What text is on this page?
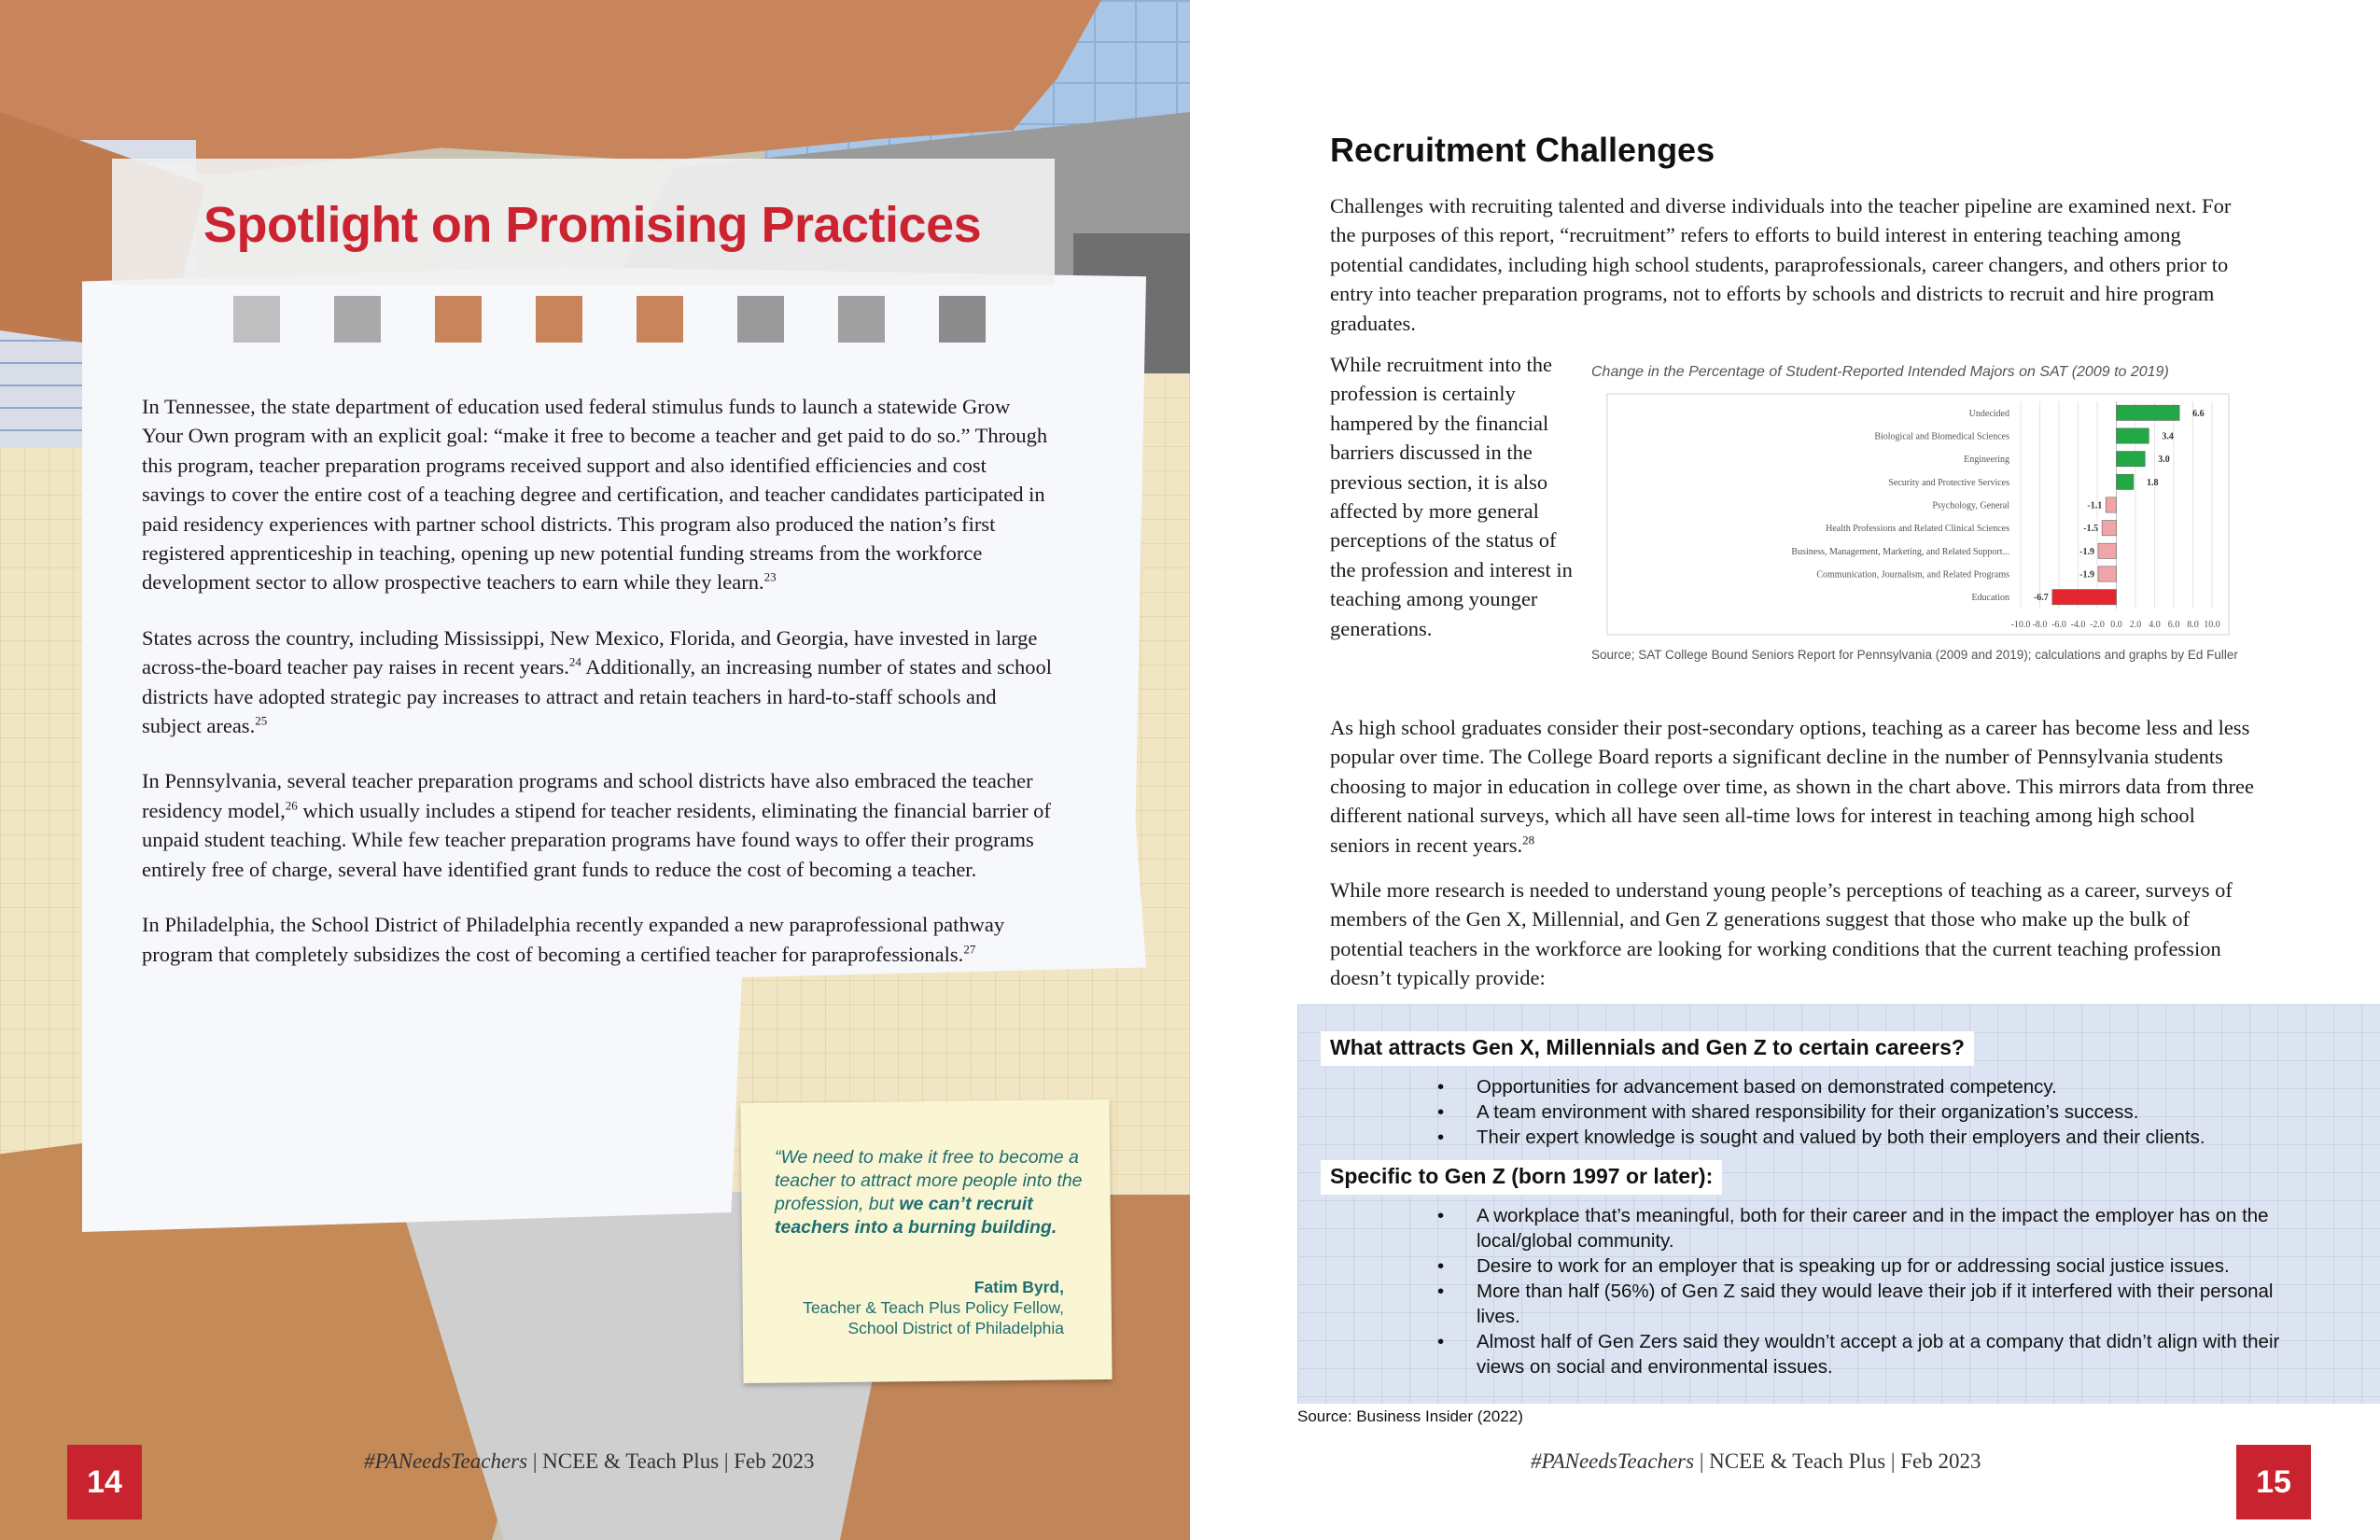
Spotlight on Promising Practices

In Tennessee, the state department of education used federal stimulus funds to launch a statewide Grow Your Own program with an explicit goal: “make it free to become a teacher and get paid to do so.” Through this program, teacher preparation programs received support and also identified efficiencies and cost savings to cover the entire cost of a teaching degree and certification, and teacher candidates participated in paid residency experiences with partner school districts. This program also produced the nation’s first registered apprenticeship in teaching, opening up new potential funding streams from the workforce development sector to allow prospective teachers to earn while they learn.$^{23}$

States across the country, including Mississippi, New Mexico, Florida, and Georgia, have invested in large across-the-board teacher pay raises in recent years.$^{24}$ Additionally, an increasing number of states and school districts have adopted strategic pay increases to attract and retain teachers in hard-to-staff schools and subject areas.$^{25}$

In Pennsylvania, several teacher preparation programs and school districts have also embraced the teacher residency model,$^{26}$ which usually includes a stipend for teacher residents, eliminating the financial barrier of unpaid student teaching. While few teacher preparation programs have found ways to offer their programs entirely free of charge, several have identified grant funds to reduce the cost of becoming a teacher.

In Philadelphia, the School District of Philadelphia recently expanded a new paraprofessional pathway program that completely subsidizes the cost of becoming a certified teacher for paraprofessionals.$^{27}$

“We need to make it free to become a teacher to attract more people into the profession, but we can’t recruit teachers into a burning building.
Fatim Byrd,
Teacher & Teach Plus Policy Fellow,
School District of Philadelphia
14
#PANeedsTeachers | NCEE & Teach Plus | Feb 2023
Recruitment Challenges
Challenges with recruiting talented and diverse individuals into the teacher pipeline are examined next. For the purposes of this report, “recruitment” refers to efforts to build interest in entering teaching among potential candidates, including high school students, paraprofessionals, career changers, and others prior to entry into teacher preparation programs, not to efforts by schools and districts to recruit and hire program graduates.
While recruitment into the profession is certainly hampered by the financial barriers discussed in the previous section, it is also affected by more general perceptions of the status of the profession and interest in teaching among younger generations.
Change in the Percentage of Student-Reported Intended Majors on SAT (2009 to 2019)
-10.0 -8.0 -6.0 -4.0 -2.0 0.0 2.0 4.0 6.0 8.0 10.0
Undecided	6.6
Biological and Biomedical Sciences	3.4
Engineering	3.0
Security and Protective Services	1.8
Psychology, General	-1.1
Health Professions and Related Clinical Sciences	-1.5
Business, Management, Marketing, and Related Support...	-1.9
Communication, Journalism, and Related Programs	-1.9
Education	-6.7
Source; SAT College Bound Seniors Report for Pennsylvania (2009 and 2019); calculations and graphs by Ed Fuller
As high school graduates consider their post-secondary options, teaching as a career has become less and less popular over time. The College Board reports a significant decline in the number of Pennsylvania students choosing to major in education in college over time, as shown in the chart above. This mirrors data from three different national surveys, which all have seen all-time lows for interest in teaching among high school seniors in recent years.$^{28}$
While more research is needed to understand young people’s perceptions of teaching as a career, surveys of members of the Gen X, Millennial, and Gen Z generations suggest that those who make up the bulk of potential teachers in the workforce are looking for working conditions that the current teaching profession doesn’t typically provide:
What attracts Gen X, Millennials and Gen Z to certain careers?
• Opportunities for advancement based on demonstrated competency.
• A team environment with shared responsibility for their organization’s success.
• Their expert knowledge is sought and valued by both their employers and their clients.
Specific to Gen Z (born 1997 or later):
• A workplace that’s meaningful, both for their career and in the impact the employer has on the local/global community.
• Desire to work for an employer that is speaking up for or addressing social justice issues.
• More than half (56%) of Gen Z said they would leave their job if it interfered with their personal lives.
• Almost half of Gen Zers said they wouldn’t accept a job at a company that didn’t align with their views on social and environmental issues.
Source: Business Insider (2022)
#PANeedsTeachers | NCEE & Teach Plus | Feb 2023
15
